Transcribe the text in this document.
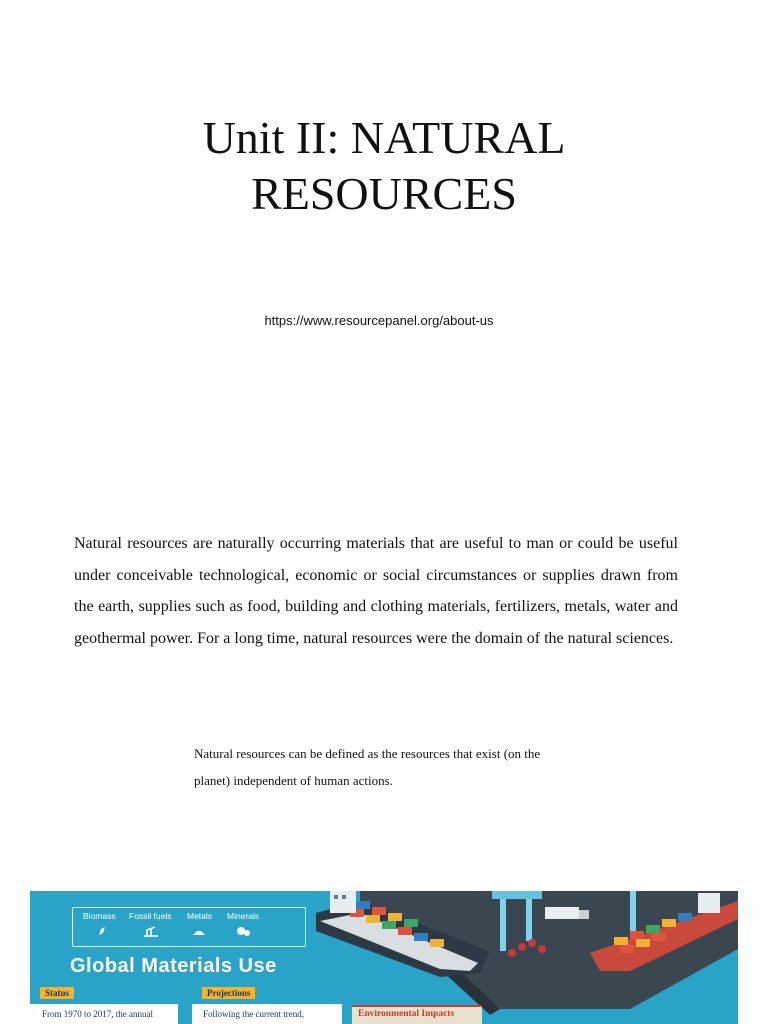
Unit II: NATURAL
RESOURCES
https://www.resourcepanel.org/about-us

Natural resources are naturally occurring materials that are useful to man or could be useful under conceivable technological, economic or social circumstances or supplies drawn from the earth, supplies such as food, building and clothing materials, fertilizers, metals, water and geothermal power. For a long time, natural resources were the domain of the natural sciences.

Natural resources can be defined as the resources that exist (on the planet) independent of human actions.

Biomass Fossil fuels Metals Minerals
Global Materials Use
Status	Projections
From 1970 to 2017, the annual	Following the current trend,	Environmental Impacts
